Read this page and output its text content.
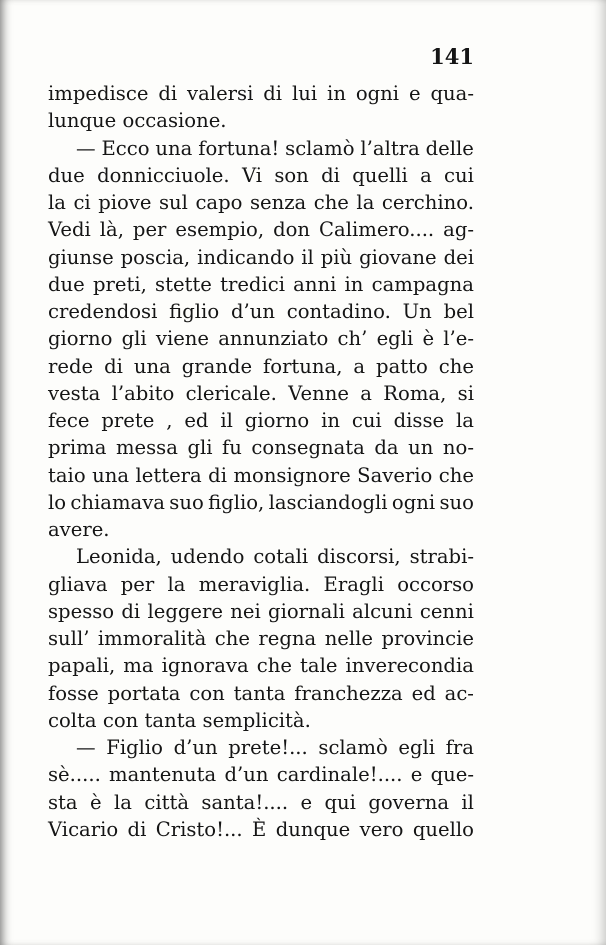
141
impedisce di valersi di lui in ogni e qua-
lunque occasione.
— Ecco una fortuna! sclamò l’altra delle
due donnicciuole. Vi son di quelli a cui
la ci piove sul capo senza che la cerchino.
Vedi là, per esempio, don Calimero.... ag-
giunse poscia, indicando il più giovane dei
due preti, stette tredici anni in campagna
credendosi figlio d’un contadino. Un bel
giorno gli viene annunziato ch’ egli è l’e-
rede di una grande fortuna, a patto che
vesta l’abito clericale. Venne a Roma, si
fece prete , ed il giorno in cui disse la
prima messa gli fu consegnata da un no-
taio una lettera di monsignore Saverio che
lo chiamava suo figlio, lasciandogli ogni suo
avere.
Leonida, udendo cotali discorsi, strabi-
gliava per la meraviglia. Eragli occorso
spesso di leggere nei giornali alcuni cenni
sull’ immoralità che regna nelle provincie
papali, ma ignorava che tale inverecondia
fosse portata con tanta franchezza ed ac-
colta con tanta semplicità.
— Figlio d’un prete!... sclamò egli fra
sè..... mantenuta d’un cardinale!.... e que-
sta è la città santa!.... e qui governa il
Vicario di Cristo!... È dunque vero quello
